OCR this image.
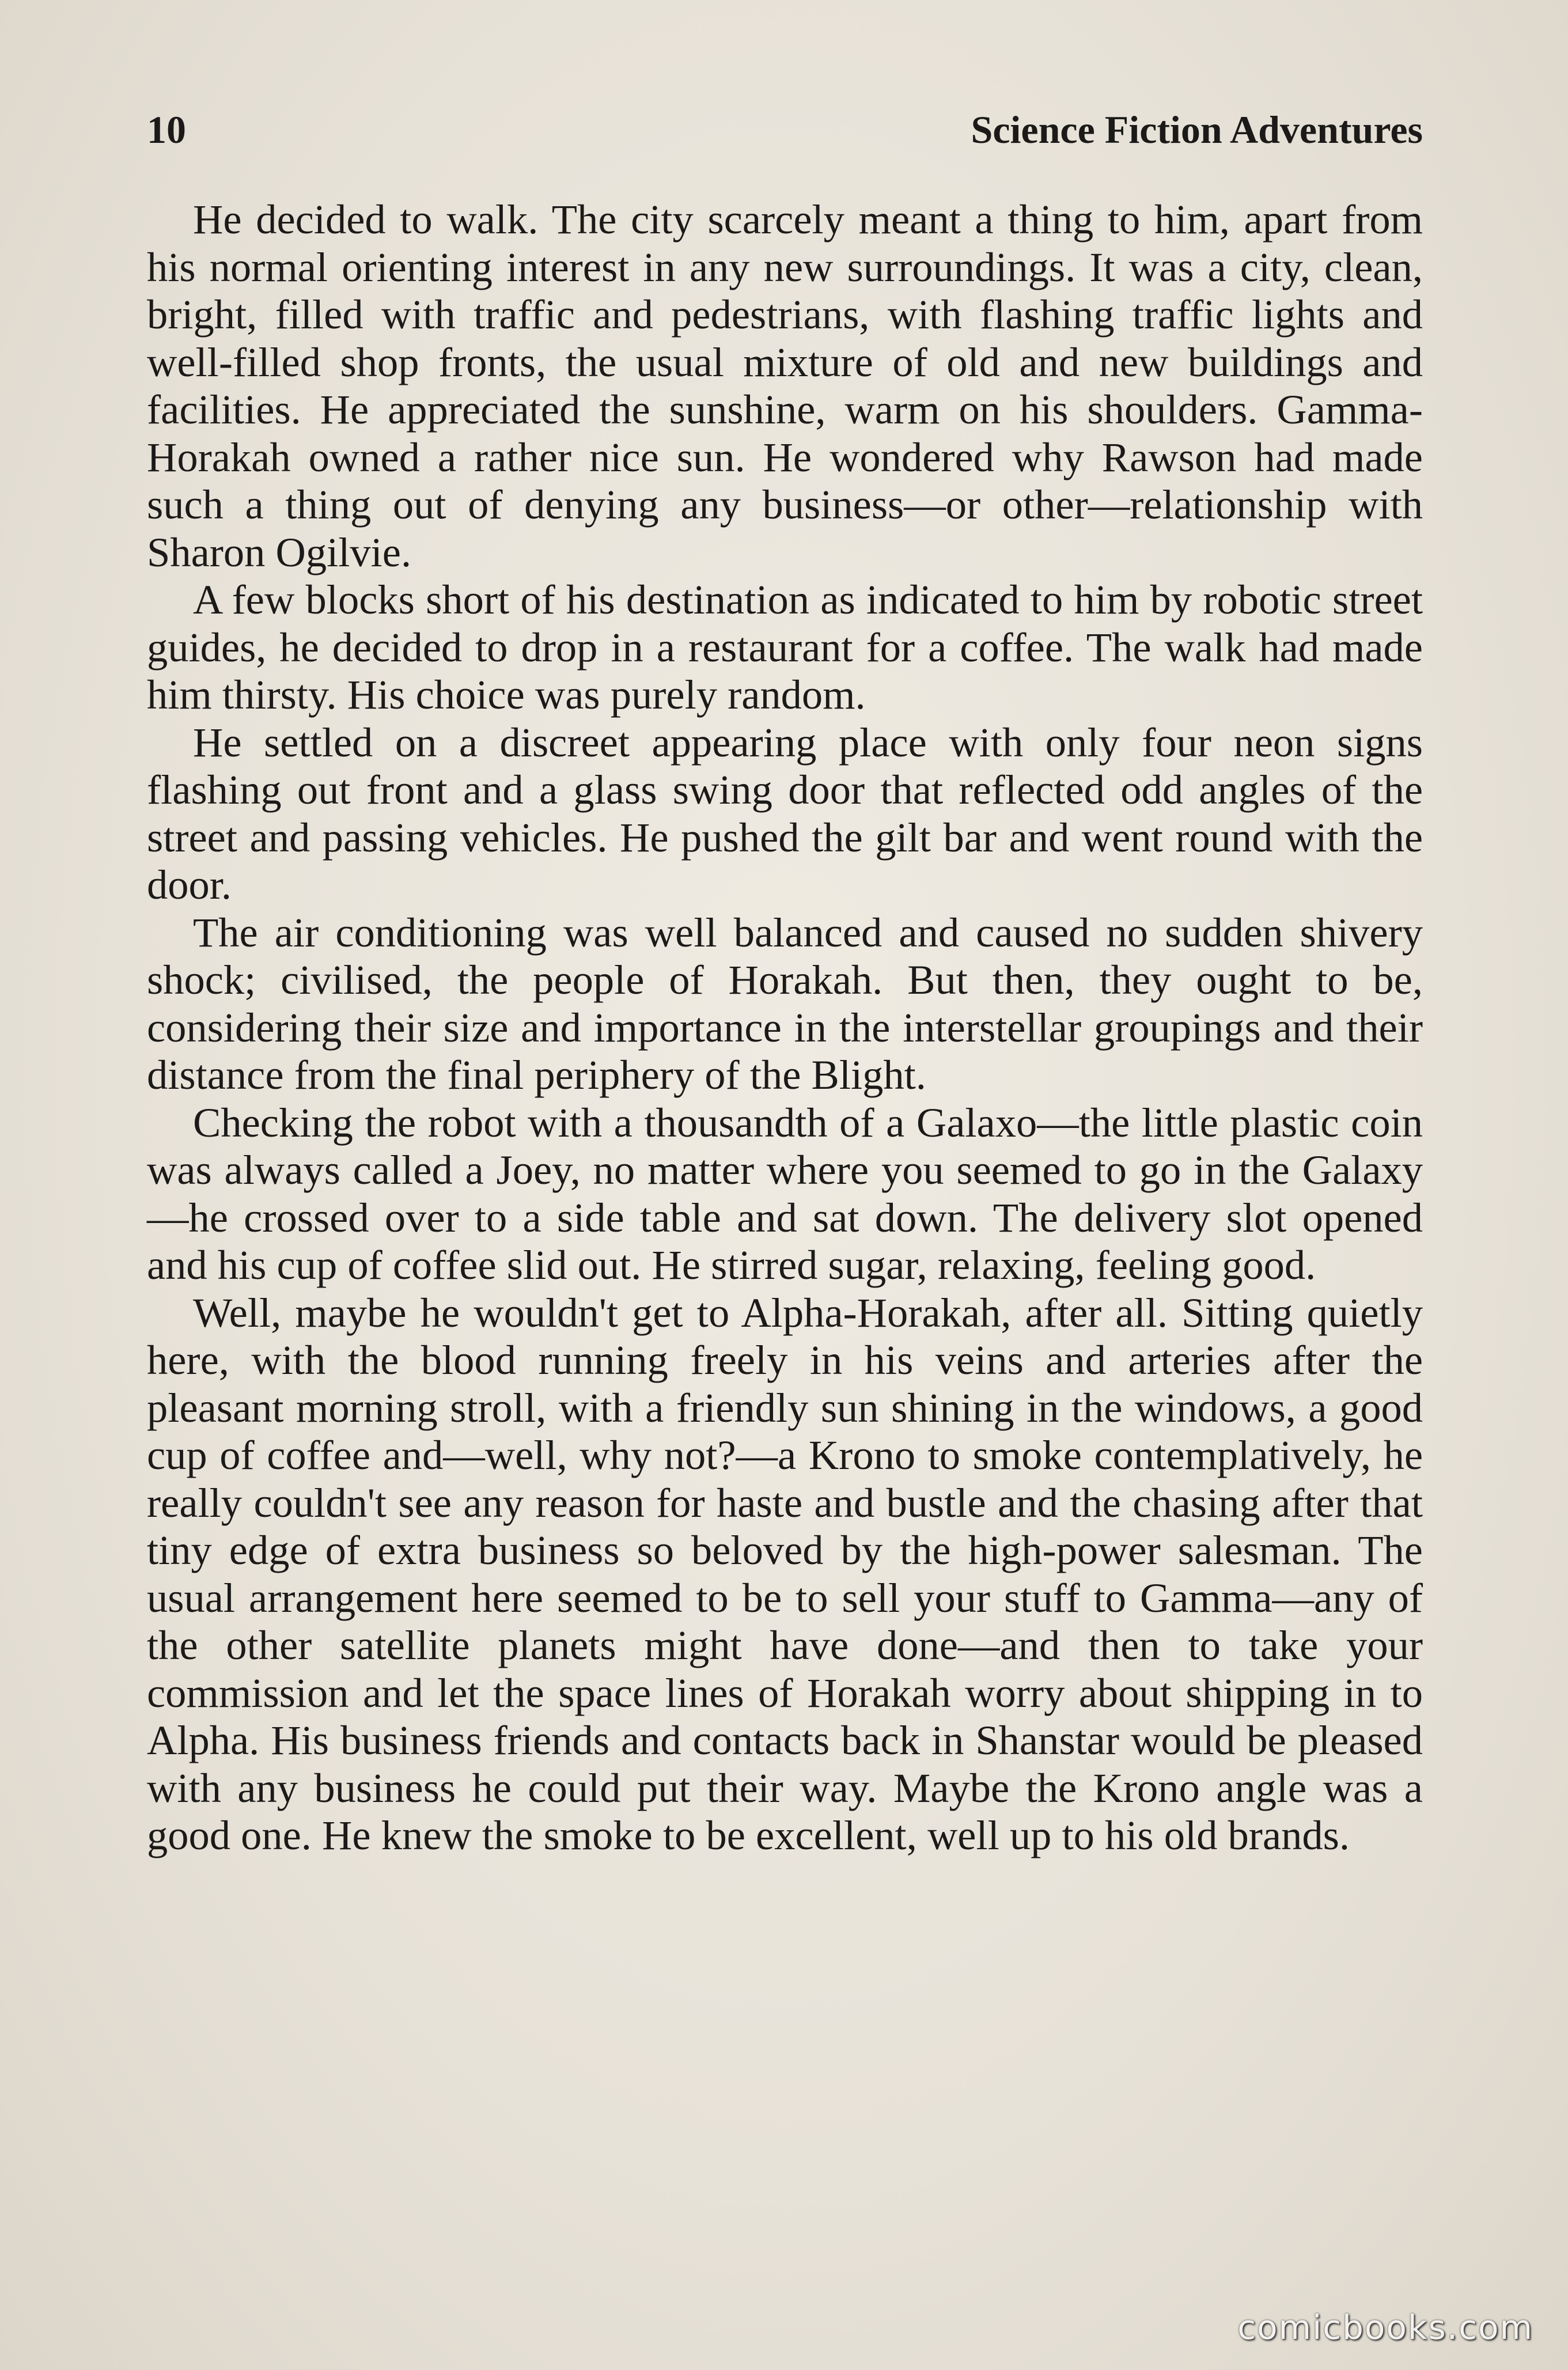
10	Science Fiction Adventures

He decided to walk. The city scarcely meant a thing to him, apart from his normal orienting interest in any new surroundings. It was a city, clean, bright, filled with traffic and pedestrians, with flashing traffic lights and well-filled shop fronts, the usual mixture of old and new buildings and facilities. He appreciated the sunshine, warm on his shoulders. Gamma-Horakah owned a rather nice sun. He wondered why Rawson had made such a thing out of denying any business—or other—relationship with Sharon Ogilvie.

A few blocks short of his destination as indicated to him by robotic street guides, he decided to drop in a restaurant for a coffee. The walk had made him thirsty. His choice was purely random.

He settled on a discreet appearing place with only four neon signs flashing out front and a glass swing door that reflected odd angles of the street and passing vehicles. He pushed the gilt bar and went round with the door.

The air conditioning was well balanced and caused no sudden shivery shock; civilised, the people of Horakah. But then, they ought to be, considering their size and importance in the interstellar groupings and their distance from the final periphery of the Blight.

Checking the robot with a thousandth of a Galaxo—the little plastic coin was always called a Joey, no matter where you seemed to go in the Galaxy—he crossed over to a side table and sat down. The delivery slot opened and his cup of coffee slid out. He stirred sugar, relaxing, feeling good.

Well, maybe he wouldn't get to Alpha-Horakah, after all. Sitting quietly here, with the blood running freely in his veins and arteries after the pleasant morning stroll, with a friendly sun shining in the windows, a good cup of coffee and—well, why not?—a Krono to smoke contemplatively, he really couldn't see any reason for haste and bustle and the chasing after that tiny edge of extra business so beloved by the high-power salesman. The usual arrangement here seemed to be to sell your stuff to Gamma—any of the other satellite planets might have done—and then to take your commission and let the space lines of Horakah worry about shipping in to Alpha. His business friends and contacts back in Shanstar would be pleased with any business he could put their way. Maybe the Krono angle was a good one. He knew the smoke to be excellent, well up to his old brands.

comicbooks.com
